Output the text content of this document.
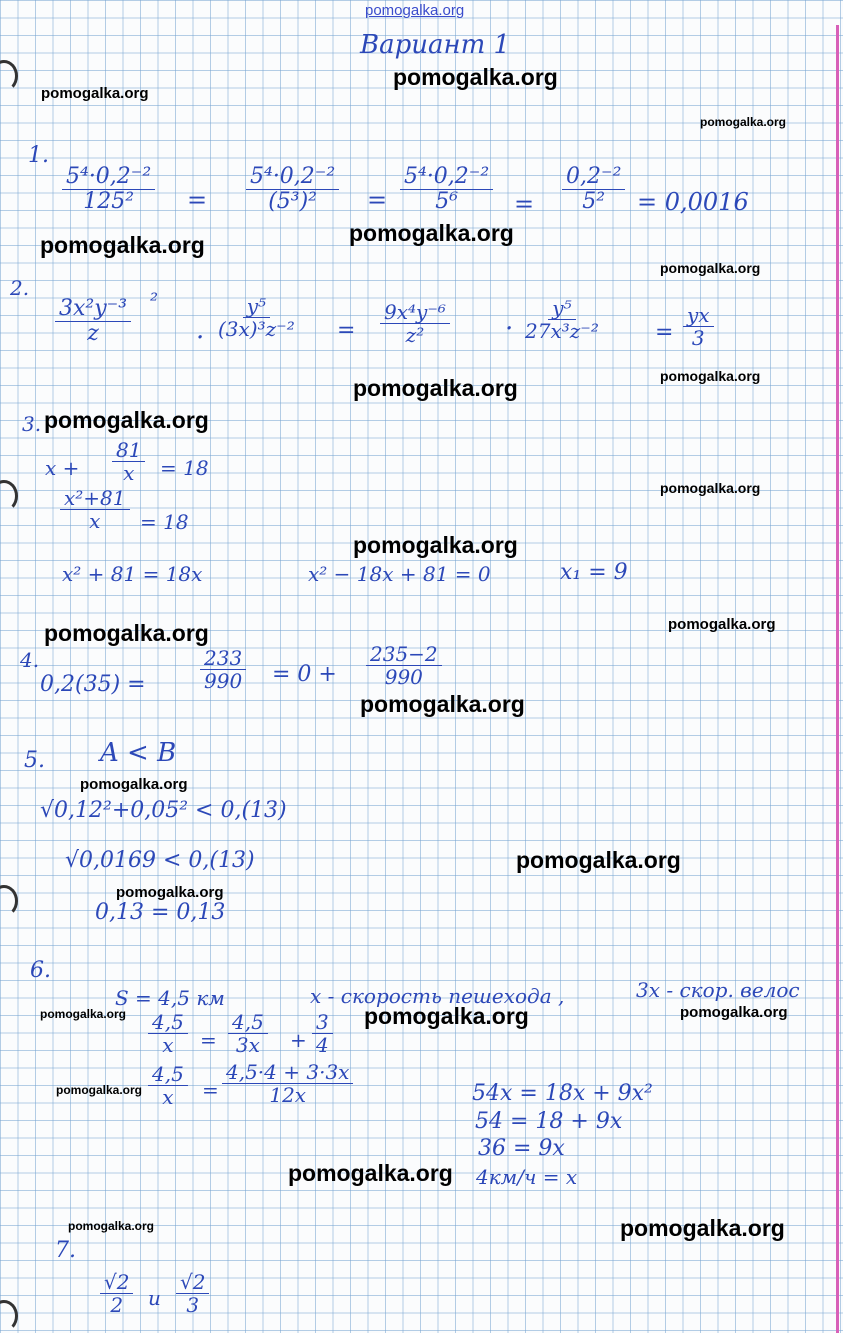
pomogalka.org
pomogalka.org
pomogalka.org
pomogalka.org
pomogalka.org
pomogalka.org
pomogalka.org
pomogalka.org
pomogalka.org
pomogalka.org
pomogalka.org
pomogalka.org
pomogalka.org	pomogalka.org
pomogalka.org
pomogalka.org
pomogalka.org
pomogalka.org
pomogalka.org	pomogalka.org	pomogalka.org
pomogalka.org
pomogalka.org
pomogalka.org	pomogalka.org
Вариант 1
1.
$\frac{\text{5⁴·0,2⁻²}}{\text{125²}} = \frac{\text{5⁴·0,2⁻²}}{\text{(5³)²}} = \frac{\text{5⁴·0,2⁻²}}{\text{5⁶}} = \frac{\text{0,2⁻²}}{\text{5²}} = 0,0016$
2.
$\frac{\text{3x²y⁻³}}{z} ^2$
· $\frac{\text{y⁵}}{\text{(3x)³z⁻²}} = \frac{\text{9x⁴y⁻⁶}}{\text{z²}} \cdot \frac{\text{y⁵}}{\text{27x³z⁻²}}$	= $\frac{yx}{3}$
3.
$x + \frac{81}{x} = 18$
$\frac{\text{x²+81}}{x} = 18$
x² + 81 = 18x	x² − 18x + 81 = 0	x₁ = 9
4.
0,2(35) =	$\frac{233}{990} = 0 + \frac{235-2}{990}$
5. A < B
√0,12²+0,05² < 0,(13)
√0,0169 < 0,(13)
0,13 = 0,13
6.
S = 4,5 км	x - скорость пешехода ,	3x - скор. велос
$\frac{4,5}{x} = \frac{4,5}{3x} + \frac{3}{4}$
$\frac{4,5}{x} = \frac{4,5\cdot 4 + 3\cdot 3x}{12x}$	54x = 18x + 9x²
54 = 18 + 9x
36 = 9x
4км/ч = x
7.
$\frac{√2}{2}$ и $\frac{√2}{3}$
